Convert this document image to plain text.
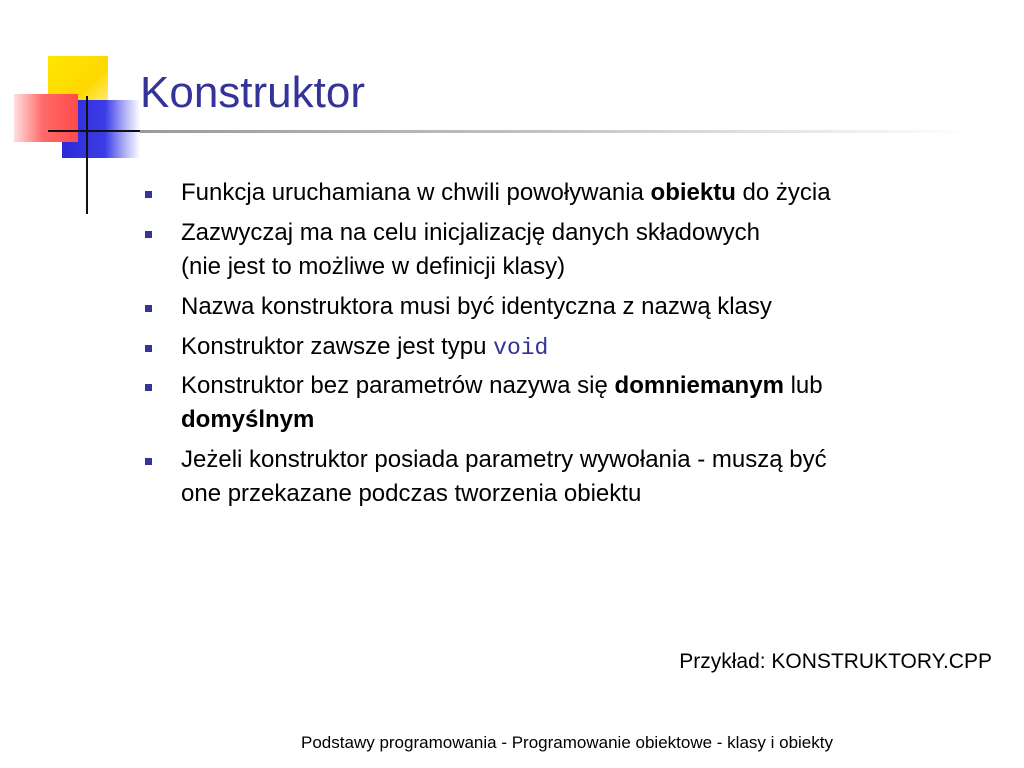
Konstruktor
Funkcja uruchamiana w chwili powoływania obiektu do życia
Zazwyczaj ma na celu inicjalizację danych składowych
(nie jest to możliwe w definicji klasy)
Nazwa konstruktora musi być identyczna z nazwą klasy
Konstruktor zawsze jest typu void
Konstruktor bez parametrów nazywa się domniemanym lub
domyślnym
Jeżeli konstruktor posiada parametry wywołania - muszą być
one przekazane podczas tworzenia obiektu
Przykład: KONSTRUKTORY.CPP
Podstawy programowania - Programowanie obiektowe - klasy i obiekty
